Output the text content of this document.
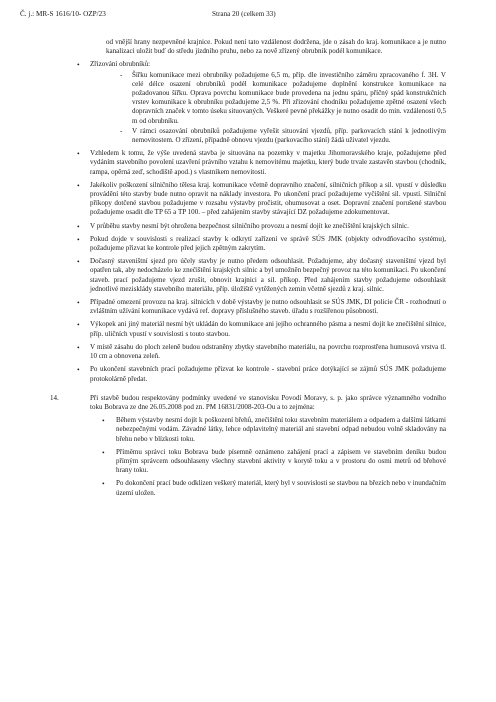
Č. j.: MR-S 1616/10- OZP/23	Strana 20 (celkem 33)

od vnější hrany nezpevněné krajnice. Pokud není tato vzdálenost dodržena, jde o zásah do kraj. komunikace a je nutno kanalizaci uložit buď do středu jízdního pruhu, nebo za nově zřízený obrubník podél komunikace.

• Zřizování obrubníků:

- Šířku komunikace mezi obrubníky požadujeme 6,5 m, příp. dle investičního záměru zpracovaného f. 3H. V celé délce osazení obrubníků podél komunikace požadujeme doplnění konstrukce komunikace na požadovanou šířku. Oprava povrchu komunikace bude provedena na jednu spáru, příčný spád konstrukčních vrstev komunikace k obrubníku požadujeme 2,5 %. Při zřizování chodníku požadujeme zpětné osazení všech dopravních značek v tomto úseku situovaných. Veškeré pevné překážky je nutno osadit do min. vzdálenosti 0,5 m od obrubníku.

- V rámci osazování obrubníků požadujeme vyřešit situování vjezdů, příp. parkovacích stání k jednotlivým nemovitostem. O zřízení, případně obnovu vjezdu (parkovacího stání) žádá uživatel vjezdu.

• Vzhledem k tomu, že výše uvedená stavba je situována na pozemky v majetku Jihomoravského kraje, požadujeme před vydáním stavebního povolení uzavření právního vztahu k nemovitému majetku, který bude trvale zastavěn stavbou (chodník, rampa, opěrná zeď, schodiště apod.) s vlastníkem nemovitosti.

• Jakékoliv poškození silničního tělesa kraj. komunikace včetně dopravního značení, silničních příkop a sil. vpustí v důsledku provádění této stavby bude nutno opravit na náklady investora. Po ukončení prací požadujeme vyčištění sil. vpustí. Silniční příkopy dotčené stavbou požadujeme v rozsahu výstavby pročistit, ohumusovat a oset. Dopravní značení porušené stavbou požadujeme osadit dle TP 65 a TP 100. – před zahájením stavby stávající DZ požadujeme zdokumentovat.

• V průběhu stavby nesmí být ohrožena bezpečnost silničního provozu a nesmí dojít ke znečištění krajských silnic.

• Pokud dojde v souvislosti s realizací stavby k odkrytí zařízení ve správě SÚS JMK (objekty odvodňovacího systému), požadujeme přizvat ke kontrole před jejich zpětným zakrytím.

• Dočasný staveništní sjezd pro účely stavby je nutno předem odsouhlasit. Požadujeme, aby dočasný staveništní vjezd byl opatřen tak, aby nedocházelo ke znečištění krajských silnic a byl umožněn bezpečný provoz na této komunikaci. Po ukončení staveb. prací požadujeme vjezd zrušit, obnovit krajnici a sil. příkop. Před zahájením stavby požadujeme odsouhlasit jednotlivé mezisklády stavebního materiálu, příp. úložiště vytěžených zemin včetně sjezdů z kraj. silnic.

• Případné omezení provozu na kraj. silnicích v době výstavby je nutno odsouhlasit se SÚS JMK, DI policie ČR - rozhodnutí o zvláštním užívání komunikace vydává ref. dopravy příslušného staveb. úřadu s rozšířenou působností.

• Výkopek ani jiný materiál nesmí být ukládán do komunikace ani jejího ochranného pásma a nesmí dojít ke znečištění silnice, příp. uličních vpustí v souvislosti s touto stavbou.

• V místě zásahu do ploch zeleně budou odstraněny zbytky stavebního materiálu, na povrchu rozprostřena humusová vrstva tl. 10 cm a obnovena zeleň.

• Po ukončení stavebních prací požadujeme přizvat ke kontrole - stavební práce dotýkající se zájmů SÚS JMK požadujeme protokolárně předat.

14.	Při stavbě budou respektovány podmínky uvedené ve stanovisku Povodí Moravy, s. p. jako správce významného vodního toku Bobrava ze dne 26.05.2008 pod zn. PM 16831/2008-203-Ou a to zejména:

• Během výstavby nesmí dojít k poškození břehů, znečištění toku stavebním materiálem a odpadem a dalšími látkami nebezpečnými vodám. Závadné látky, lehce odplavitelný materiál ani stavební odpad nebudou volně skladovány na břehu nebo v blízkosti toku.

• Příměmu správci toku Bobrava bude písemně oznámeno zahájení prací a zápisem ve stavebním deníku budou přímým správcem odsouhlaseny všechny stavební aktivity v korytě toku a v prostoru do osmi metrů od břehové hrany toku.

• Po dokončení prací bude odklizen veškerý materiál, který byl v souvislosti se stavbou na březích nebo v inundačním území uložen.
